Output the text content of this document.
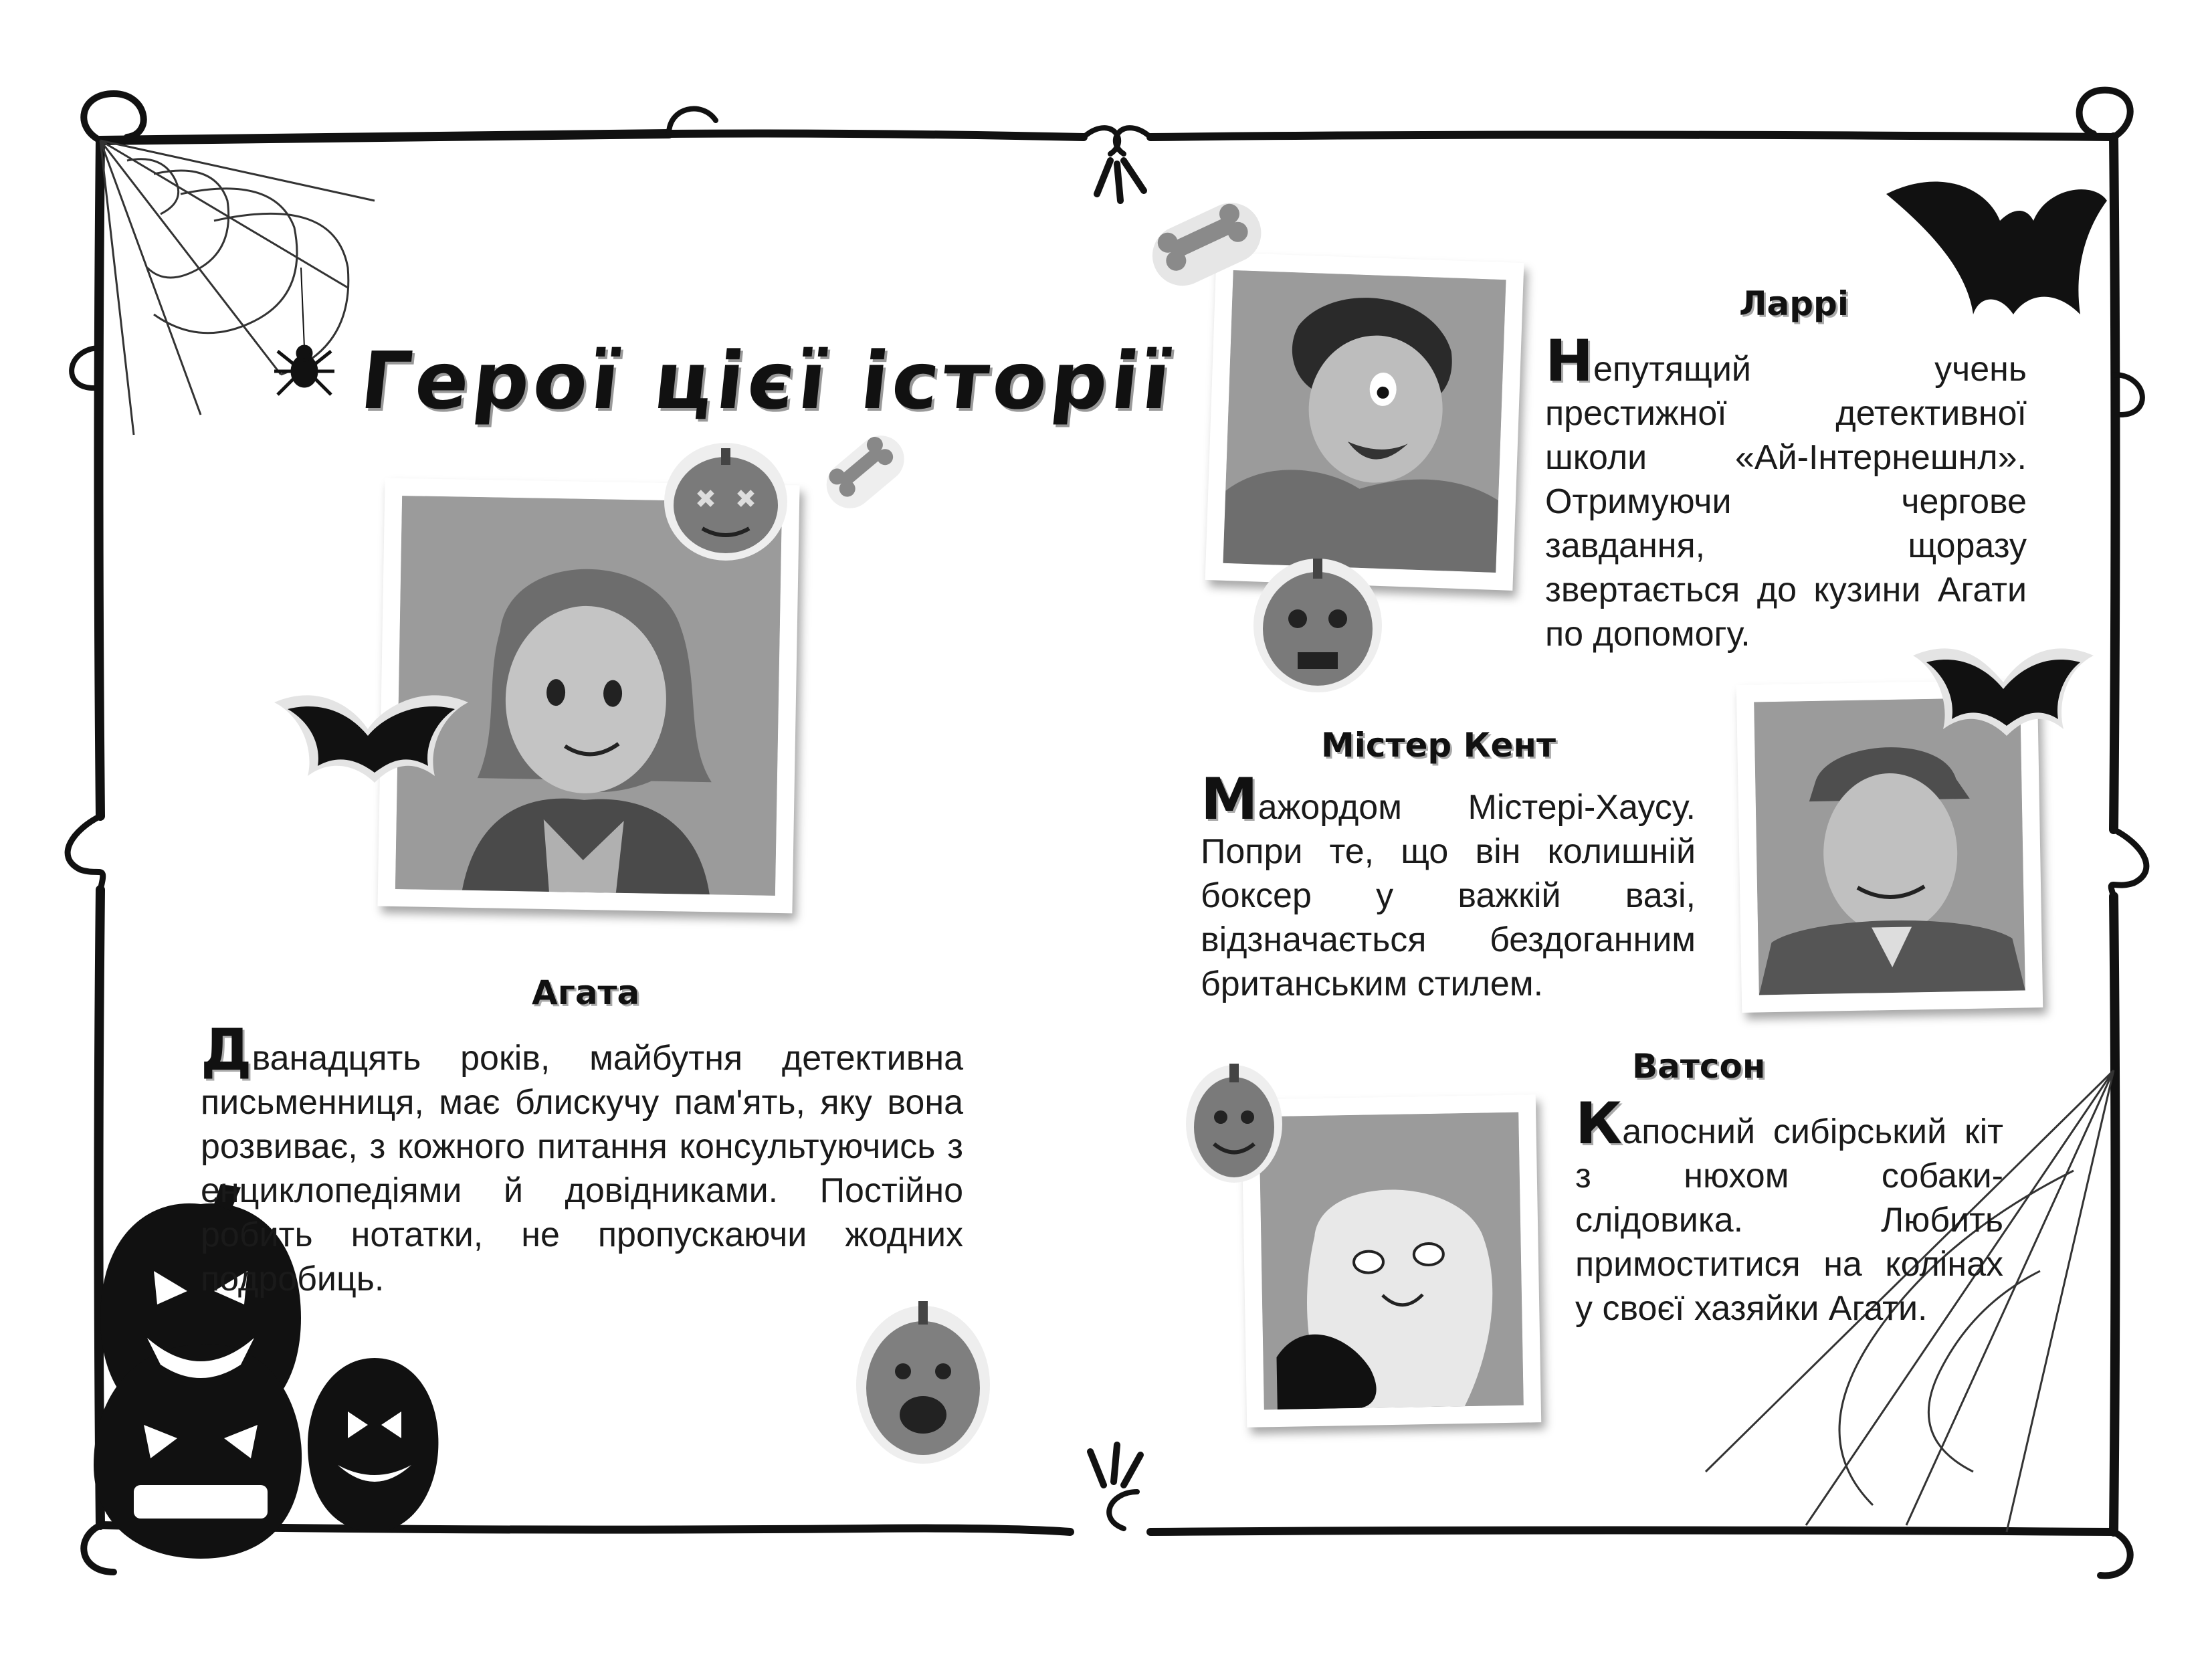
Герої цієї історії
Агата
Дванадцять років, майбутня детективна письменниця, має блискучу пам'ять, яку вона розвиває, з кожного питання консультуючись з енциклопедіями й довідниками. Постійно робить нотатки, не пропускаючи жодних подробиць.
Ларрі
Непутящий учень престижної детективної школи «Ай-Інтернешнл». Отримуючи чергове завдання, щоразу звертається до кузини Агати по допомогу.
Містер Кент
Мажордом Містері-Хаусу. Попри те, що він колишній боксер у важкій вазі, відзначається бездоганним британським стилем.
Ватсон
Капосний сибірський кіт з нюхом собаки-слідовика. Любить примоститися на колінах у своєї хазяйки Агати.
